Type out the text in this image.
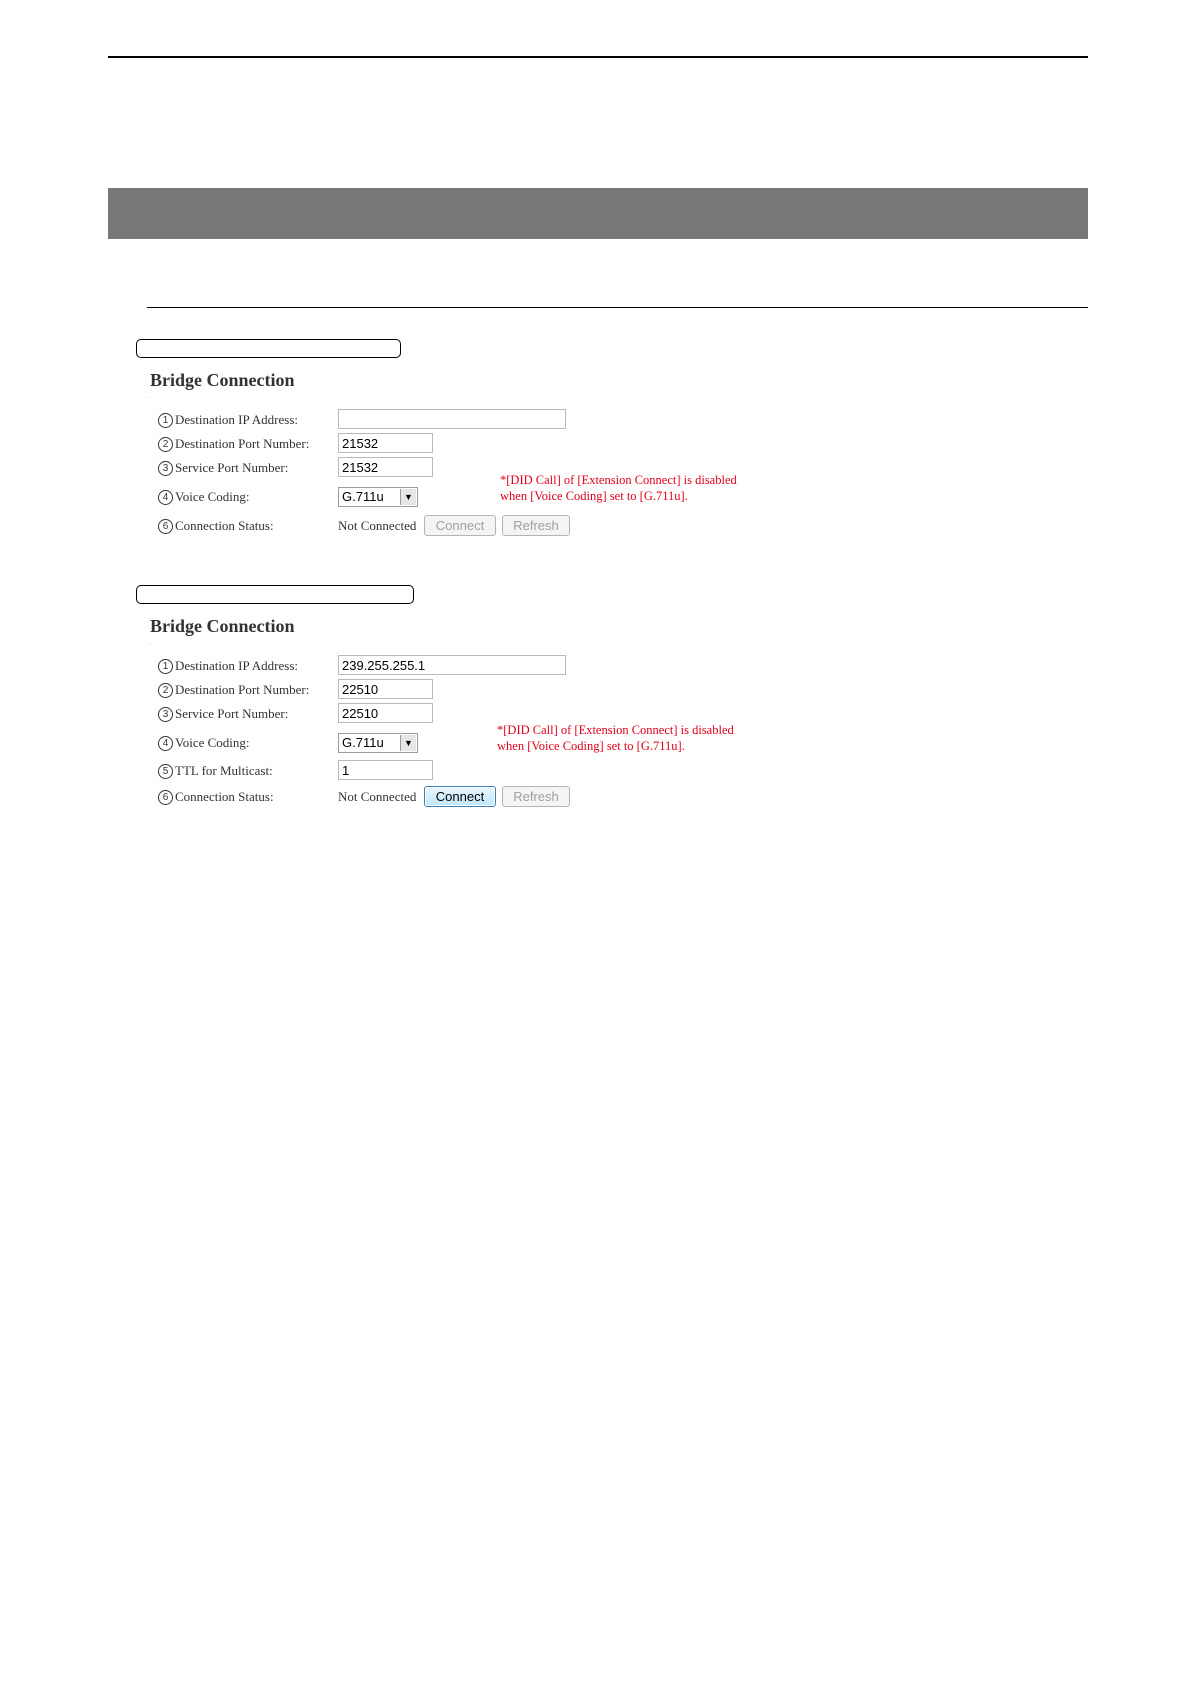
Bridge Connection
.
1 Destination IP Address:
2 Destination Port Number:	21532
3 Service Port Number:	21532
4 Voice Coding:	G.711u	▼
*[DID Call] of [Extension Connect] is disabled
when [Voice Coding] set to [G.711u].
6 Connection Status:	Not Connected	Connect	Refresh
Bridge Connection
.
1 Destination IP Address:	239.255.255.1
2 Destination Port Number:	22510
3 Service Port Number:	22510
4 Voice Coding:	G.711u	▼
*[DID Call] of [Extension Connect] is disabled
when [Voice Coding] set to [G.711u].
5 TTL for Multicast:	1
6 Connection Status:	Not Connected	Connect	Refresh
